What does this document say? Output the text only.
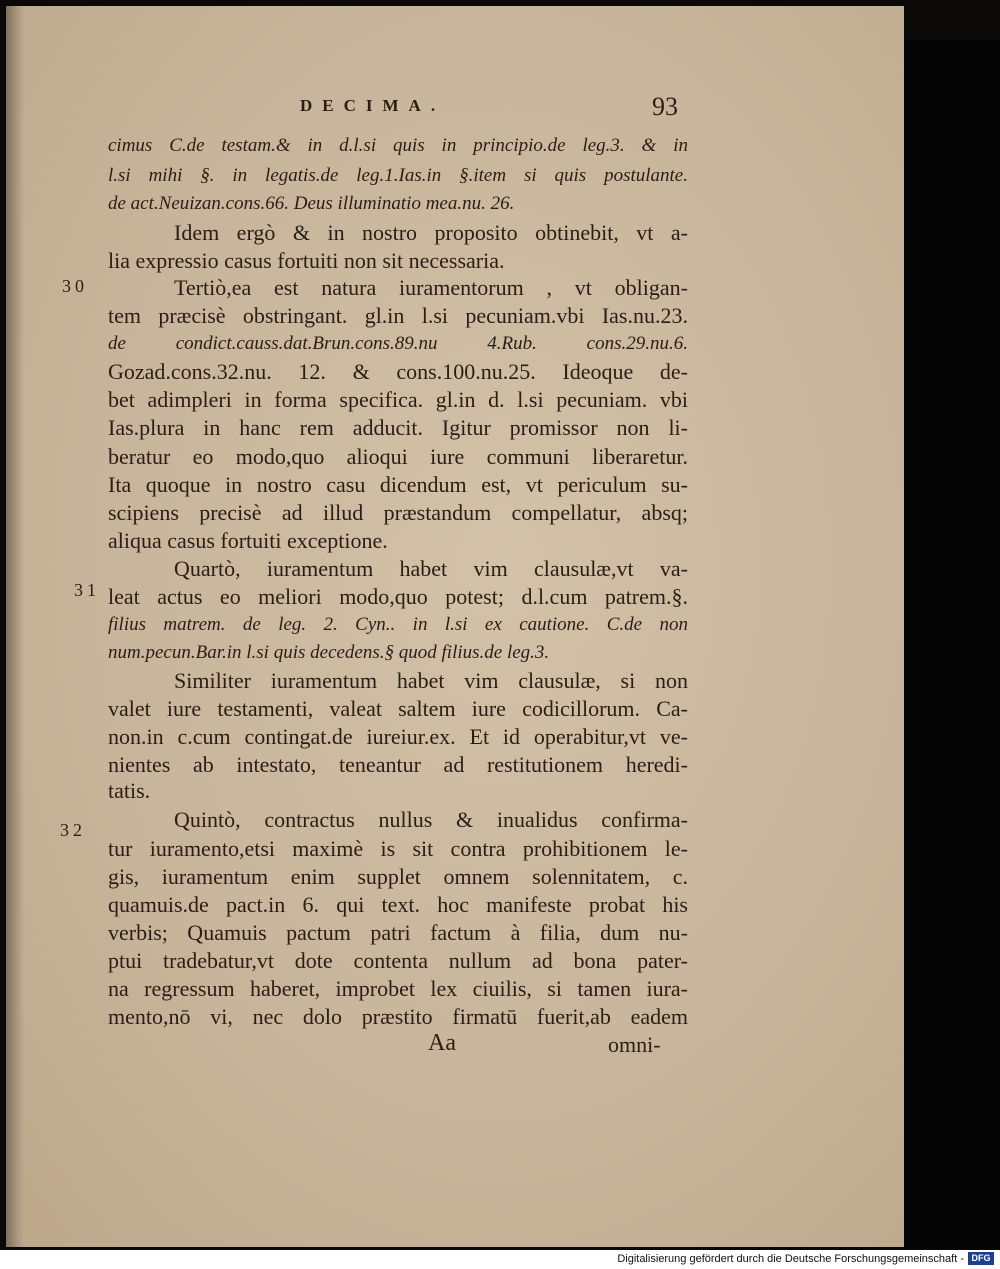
DECIMA.	93
cimus C.de testam.& in d.l.si quis in principio.de leg.3. & in
l.si mihi §. in legatis.de leg.1.Ias.in §.item si quis postulante.
de act.Neuizan.cons.66. Deus illuminatio mea.nu. 26.
Idem ergò & in nostro proposito obtinebit, vt a-
lia expressio casus fortuiti non sit necessaria.
Tertiò,ea est natura iuramentorum , vt obligan-
tem præcisè obstringant. gl.in l.si pecuniam.vbi Ias.nu.23.
de condict.causs.dat.Brun.cons.89.nu 4.Rub. cons.29.nu.6.
Gozad.cons.32.nu. 12. & cons.100.nu.25. Ideoque de-
bet adimpleri in forma specifica. gl.in d. l.si pecuniam. vbi
Ias.plura in hanc rem adducit. Igitur promissor non li-
beratur eo modo,quo alioqui iure communi liberaretur.
Ita quoque in nostro casu dicendum est, vt periculum su-
scipiens precisè ad illud præstandum compellatur, absq;
aliqua casus fortuiti exceptione.
Quartò, iuramentum habet vim clausulæ,vt va-
leat actus eo meliori modo,quo potest; d.l.cum patrem.§.
filius matrem. de leg. 2. Cyn.. in l.si ex cautione. C.de non
num.pecun.Bar.in l.si quis decedens.§ quod filius.de leg.3.
Similiter iuramentum habet vim clausulæ, si non
valet iure testamenti, valeat saltem iure codicillorum. Ca-
non.in c.cum contingat.de iureiur.ex. Et id operabitur,vt ve-
nientes ab intestato, teneantur ad restitutionem heredi-
tatis.
Quintò, contractus nullus & inualidus confirma-
tur iuramento,etsi maximè is sit contra prohibitionem le-
gis, iuramentum enim supplet omnem solennitatem, c.
quamuis.de pact.in 6. qui text. hoc manifeste probat his
verbis; Quamuis pactum patri factum à filia, dum nu-
ptui tradebatur,vt dote contenta nullum ad bona pater-
na regressum haberet, improbet lex ciuilis, si tamen iura-
mento,nō vi, nec dolo præstito firmatū fuerit,ab eadem
30
31
32
Aa	omni-
Digitalisierung gefördert durch die Deutsche Forschungsgemeinschaft - DFG
